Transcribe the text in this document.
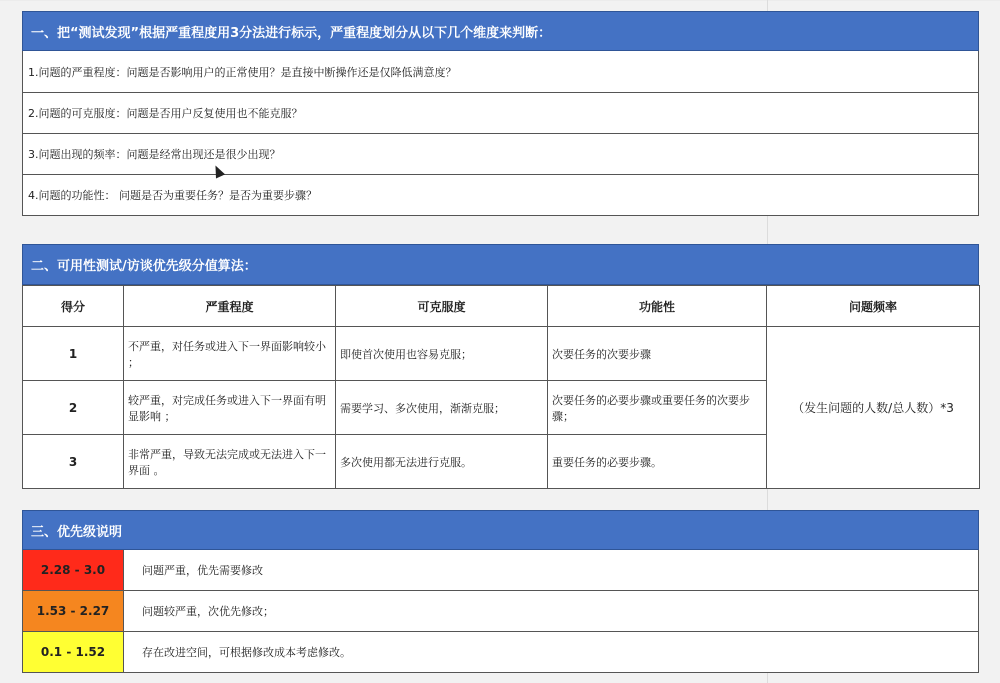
一、把“测试发现”根据严重程度用3分法进行标示，严重程度划分从以下几个维度来判断：
1.问题的严重程度：问题是否影响用户的正常使用？是直接中断操作还是仅降低满意度？
2.问题的可克服度：问题是否用户反复使用也不能克服？
3.问题出现的频率：问题是经常出现还是很少出现？
4.问题的功能性： 问题是否为重要任务？是否为重要步骤？
二、可用性测试/访谈优先级分值算法：
得分	严重程度	可克服度	功能性	问题频率
1	不严重，对任务或进入下一界面影响较小 ；	即使首次使用也容易克服；	次要任务的次要步骤	（发生问题的人数/总人数）*3
2	较严重，对完成任务或进入下一界面有明显影响 ；	需要学习、多次使用，渐渐克服；	次要任务的必要步骤或重要任务的次要步骤；	
3	非常严重，导致无法完成或无法进入下一界面 。	多次使用都无法进行克服。	重要任务的必要步骤。	
三、优先级说明
2.28 - 3.0	问题严重，优先需要修改
1.53 - 2.27	问题较严重，次优先修改；
0.1 - 1.52	存在改进空间，可根据修改成本考虑修改。
